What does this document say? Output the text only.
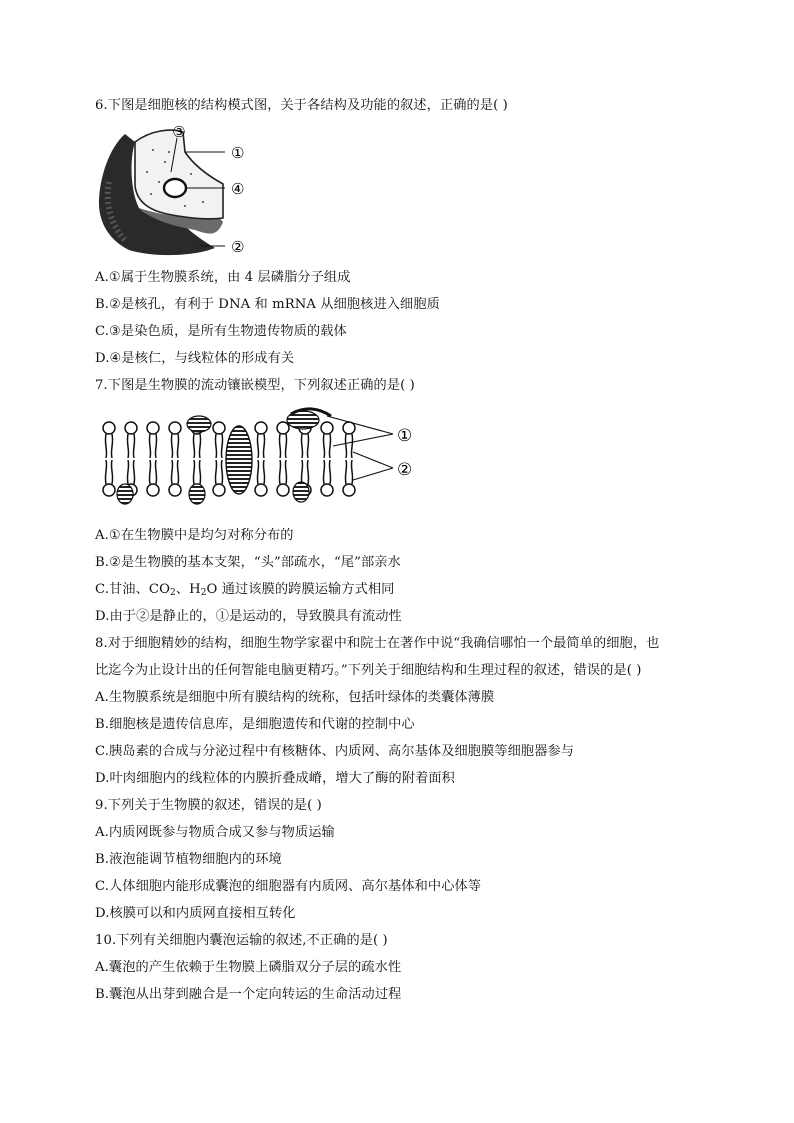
6.下图是细胞核的结构模式图，关于各结构及功能的叙述，正确的是( )
③
①
④
②
A.①属于生物膜系统，由 4 层磷脂分子组成
B.②是核孔，有利于 DNA 和 mRNA 从细胞核进入细胞质
C.③是染色质，是所有生物遗传物质的载体
D.④是核仁，与线粒体的形成有关
7.下图是生物膜的流动镶嵌模型，下列叙述正确的是( )
①
②
A.①在生物膜中是均匀对称分布的
B.②是生物膜的基本支架，“头”部疏水，“尾”部亲水
C.甘油、$CO_2$、$H_2O$ 通过该膜的跨膜运输方式相同
D.由于②是静止的，①是运动的，导致膜具有流动性
8.对于细胞精妙的结构，细胞生物学家翟中和院士在著作中说“我确信哪怕一个最简单的细胞，也
比迄今为止设计出的任何智能电脑更精巧。”下列关于细胞结构和生理过程的叙述，错误的是( )
A.生物膜系统是细胞中所有膜结构的统称，包括叶绿体的类囊体薄膜
B.细胞核是遗传信息库，是细胞遗传和代谢的控制中心
C.胰岛素的合成与分泌过程中有核糖体、内质网、高尔基体及细胞膜等细胞器参与
D.叶肉细胞内的线粒体的内膜折叠成嵴，增大了酶的附着面积
9.下列关于生物膜的叙述，错误的是( )
A.内质网既参与物质合成又参与物质运输
B.液泡能调节植物细胞内的环境
C.人体细胞内能形成囊泡的细胞器有内质网、高尔基体和中心体等
D.核膜可以和内质网直接相互转化
10.下列有关细胞内囊泡运输的叙述,不正确的是( )
A.囊泡的产生依赖于生物膜上磷脂双分子层的疏水性
B.囊泡从出芽到融合是一个定向转运的生命活动过程
